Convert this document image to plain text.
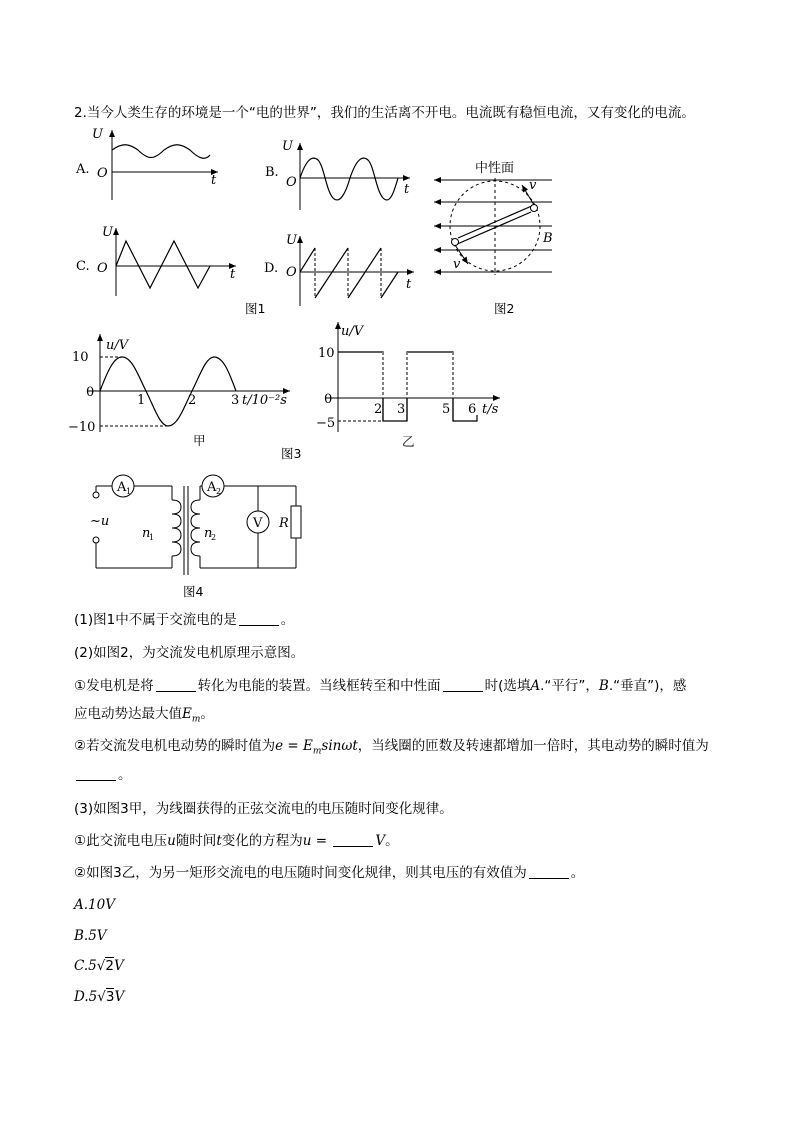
2.当今人类生存的环境是一个“电的世界”，我们的生活离不开电。电流既有稳恒电流，又有变化的电流。
A.
U
O	t
B.
U
O	t
C.
U
O	t D.
U
O
t
图1
中性面
v
v
B
图2
u/V
10
0
−10
1	2	3 t/10⁻²s
甲
u/V
10
0
−5
2 3	5 6 t/s
乙
图3
A 1
~u
n
1
A 2
n
2
V R
图4
(1)图1中不属于交流电的是	。
(2)如图2，为交流发电机原理示意图。
①发电机是将	转化为电能的装置。当线框转至和中性面	时(选填A.“平行”，B.“垂直”)，感
应电动势达最大值$E_m$。
②若交流发电机电动势的瞬时值为$e = E_m\sin\omega t$，当线圈的匝数及转速都增加一倍时，其电动势的瞬时值为
。
(3)如图3甲，为线圈获得的正弦交流电的电压随时间变化规律。
①此交流电电压u随时间t变化的方程为u =	V。
②如图3乙，为另一矩形交流电的电压随时间变化规律，则其电压的有效值为	。
A.10V
B.5V
C.5√2V
D.5√3V
